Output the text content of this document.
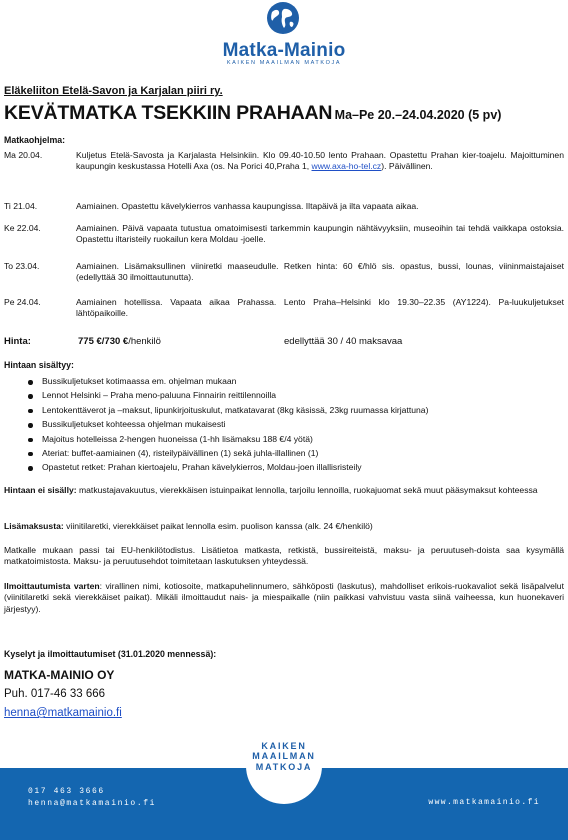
Matka-Mainio
KAIKEN MAAILMAN MATKOJA
Eläkeliiton Etelä-Savon ja Karjalan piiri ry.
KEVÄTMATKA TSEKKIIN PRAHAAN Ma–Pe 20.–24.04.2020 (5 pv)
Matkaohjelma:
Ma 20.04.	Kuljetus Etelä-Savosta ja Karjalasta Helsinkiin. Klo 09.40-10.50 lento Prahaan. Opastettu Prahan kier-toajelu. Majoittuminen kaupungin keskustassa Hotelli Axa (os. Na Porici 40,Praha 1, www.axa-ho-tel.cz). Päivällinen.
Ti 21.04.	Aamiainen. Opastettu kävelykierros vanhassa kaupungissa. Iltapäivä ja ilta vapaata aikaa.
Ke 22.04.	Aamiainen. Päivä vapaata tutustua omatoimisesti tarkemmin kaupungin nähtävyyksiin, museoihin tai tehdä vaikkapa ostoksia. Opastettu iltaristeily ruokailun kera Moldau -joelle.
To 23.04.	Aamiainen. Lisämaksullinen viiniretki maaseudulle. Retken hinta: 60 €/hlö sis. opastus, bussi, lounas, viininmaistajaiset (edellyttää 30 ilmoittautunutta).
Pe 24.04.	Aamiainen hotellissa. Vapaata aikaa Prahassa. Lento Praha–Helsinki klo 19.30–22.35 (AY1224). Pa-luukuljetukset lähtöpaikoille.
Hinta:	775 €/730 €/henkilö	edellyttää 30 / 40 maksavaa
Hintaan sisältyy:
Bussikuljetukset kotimaassa em. ohjelman mukaan
Lennot Helsinki – Praha meno-paluuna Finnairin reittilennoilla
Lentokenttäverot ja –maksut, lipunkirjoituskulut, matkatavarat (8kg käsissä, 23kg ruumassa kirjattuna)
Bussikuljetukset kohteessa ohjelman mukaisesti
Majoitus hotelleissa 2-hengen huoneissa (1-hh lisämaksu 188 €/4 yötä)
Ateriat: buffet-aamiainen (4), risteilypäivällinen (1) sekä juhla-illallinen (1)
Opastetut retket: Prahan kiertoajelu, Prahan kävelykierros, Moldau-joen illallisristeily
Hintaan ei sisälly: matkustajavakuutus, vierekkäisen istuinpaikat lennolla, tarjoilu lennoilla, ruokajuomat sekä muut pääsymaksut kohteessa
Lisämaksusta: viinitilaretki, vierekkäiset paikat lennolla esim. puolison kanssa (alk. 24 €/henkilö)
Matkalle mukaan passi tai EU-henkilötodistus. Lisätietoa matkasta, retkistä, bussireiteistä, maksu- ja peruutuseh-doista saa kysymällä matkatoimistosta. Maksu- ja peruutusehdot toimitetaan laskutuksen yhteydessä.
Ilmoittautumista varten: virallinen nimi, kotiosoite, matkapuhelinnumero, sähköposti (laskutus), mahdolliset erikois-ruokavaliot sekä lisäpalvelut (viinitilaretki sekä vierekkäiset paikat). Mikäli ilmoittaudut nais- ja miespaikalle (niin paikkasi vahvistuu vasta siinä vaiheessa, kun huonekaveri järjestyy).
Kyselyt ja ilmoittautumiset (31.01.2020 mennessä):
MATKA-MAINIO OY
Puh. 017-46 33 666
henna@matkamainio.fi
017 463 3666
henna@matkamainio.fi	www.matkamainio.fi
KAIKEN
MAAILMAN
MATKOJA
